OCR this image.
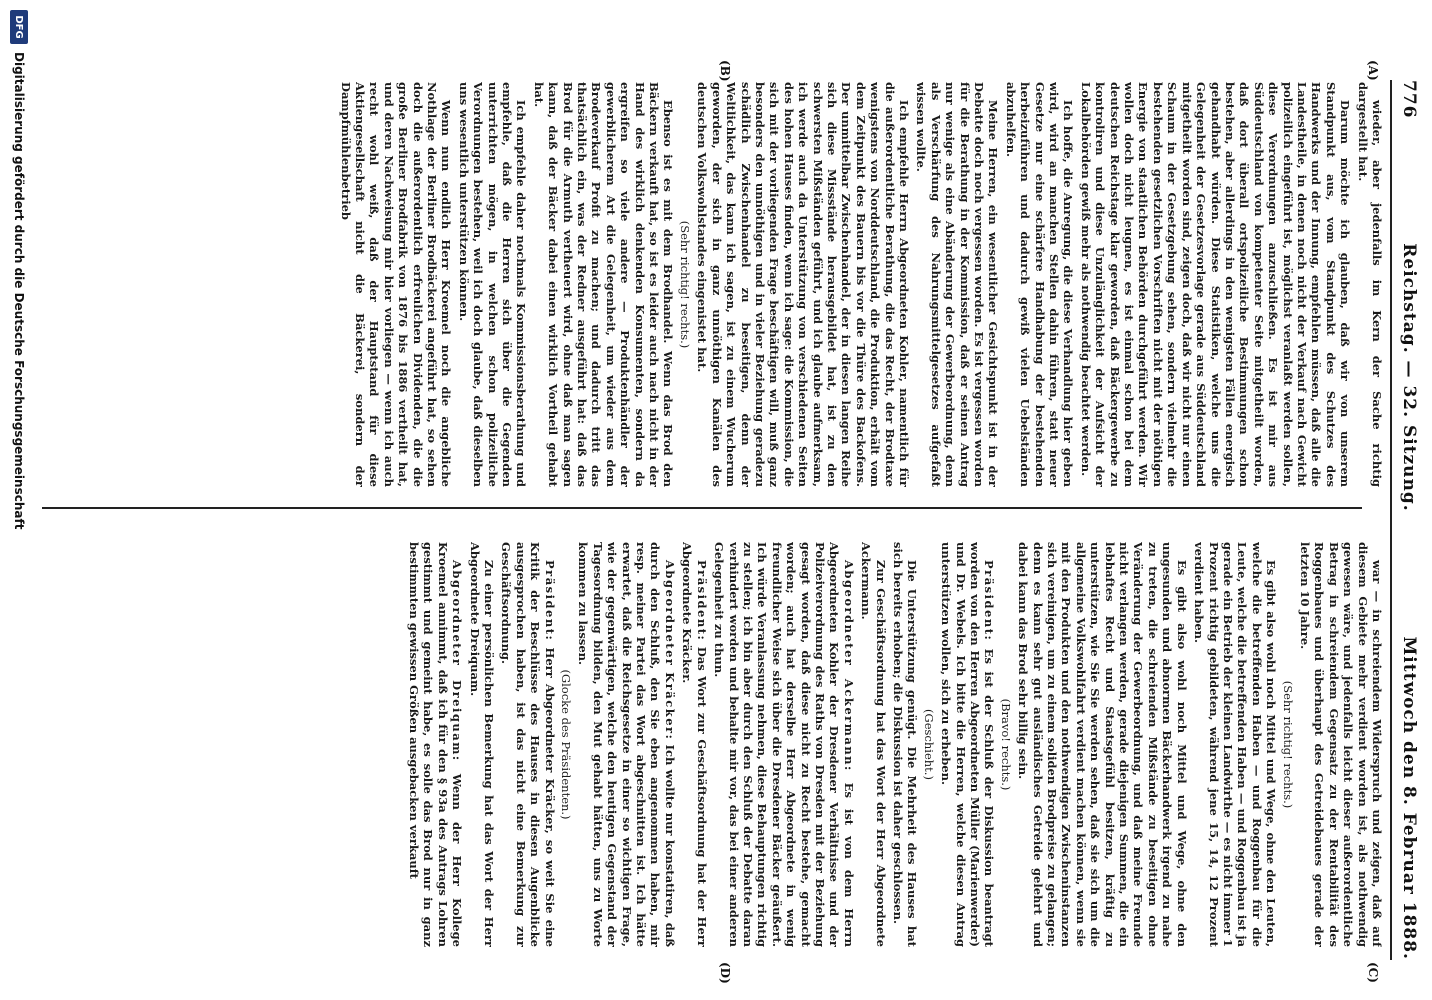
776
Reichstag. — 32. Sitzung.
Mittwoch den 8. Februar 1888.
(A)
(B)
(C)
(D)

wieder, aber jedenfalls im Kern der Sache richtig dargestellt hat.

Darum möchte ich glauben, daß wir von unserem Standpunkt aus, vom Standpunkt des Schutzes des Handwerks und der Innung, empfehlen müssen, daß alle die Landestheile, in denen noch nicht der Verkauf nach Gewicht polizeilich eingeführt ist, möglichst veranlaßt werden sollen, diese Verordnungen anzuschließen. Es ist mir aus Süddeutschland von kompetenter Seite mitgetheilt worden, daß dort überall ortspolizeiliche Bestimmungen schon bestehen, aber allerdings in den wenigsten Fällen energisch gehandhabt würden. Diese Statistiken, welche uns die Gelegenheit der Gesetzesvorlage gerade aus Süddeutschland mitgetheilt worden sind, zeigen doch, daß wir nicht nur einen Schaum in der Gesetzgebung sehen, sondern vielmehr die bestehenden gesetzlichen Vorschriften nicht mit der nöthigen Energie von staatlichen Behörden durchgeführt werden. Wir wollen doch nicht leugnen, es ist einmal schon bei dem deutschen Reichstage klar geworden, daß Bäckergewerbe zu kontroliren und diese Unzulänglichkeit der Aufsicht der Lokalbehörden gewiß mehr als nothwendig beachtet werden.

Ich hoffe, die Anregung, die diese Verhandlung hier geben wird, wird an manchen Stellen dahin führen, statt neuer Gesetze nur eine schärfere Handhabung der bestehenden herbeizuführen und dadurch gewiß vielen Uebelständen abzuhelfen.

Meine Herren, ein wesentlicher Gesichtspunkt ist in der Debatte doch noch vergessen worden. Es ist vergessen worden für die Berathung in der Kommission, daß er seinen Antrag nur wenige als eine Abänderung der Gewerbeordnung, denn als Verschärfung des Nahrungsmittelgesetzes aufgefaßt wissen wollte.

Ich empfehle Herrn Abgeordneten Kohler, namentlich für die außerordentliche Berathung, die das Recht, der Brodtaxe wenigstens von Norddeutschland, die Produktion, erhält vom dem Zeitpunkt des Bauern bis vor die Thüre des Backofens. Der unmittelbar Zwischenhandel, der in diesen langen Reihe sich diese Missstände herausgebildet hat, ist zu den schwersten Mißständen geführt, und ich glaube aufmerksam, ich werde auch da Unterstützung von verschiedenen Seiten des hohen Hauses finden, wenn ich sage: die Kommission, die sich mit der vorliegenden Frage beschäftigen will, muß ganz besonders den unnöthigen und in vieler Beziehung geradezu schädlich Zwischenhandel zu beseitigen, denn der Weltlichkeit, das kann ich sagen, ist zu einem Wucherum geworden, der sich in ganz unnöthigen Kanälen des deutschen Volkswohlstandes eingenistet hat.

(Sehr richtig! rechts.)

Ebenso ist es mit dem Brodhandel. Wenn das Brod den Bäckern verkauft hat, so ist es leider auch nach nicht in der Hand des wirklich denkenden Konsumenten, sondern da ergreifen so viele andere — Produktenhändler der gewerblicherem Art die Gelegenheit, um wieder aus dem Brodeverkauf Profit zu machen; und dadurch tritt das thatsächlich ein, was der Redner ausgeführt hat: daß das Brod für die Armuth vertheuert wird, ohne daß man sagen kann, daß der Bäcker dabei einen wirklich Vortheil gehabt hat.

Ich empfehle daher nochmals Kommissionsberathung und empfehle, daß die Herren sich über die Gegenden unterrichten mögen, in welchen schon polizeiliche Verordnungen bestehen, weil ich doch glaube, daß dieselben uns wesentlich unterstützen können.

Wenn nun endlich Herr Kroemel noch die angebliche Nothlage der Berliner Brodbäckerei angeführt hat, so sehen doch die außerordentlich erfreulichen Dividenden, die die große Berliner Brodfabrik von 1876 bis 1886 vertheilt hat, und deren Nachweisung mir hier vorliegen — wenn ich auch recht wohl weiß, daß der Hauptstand für diese Aktiengesellschaft nicht die Bäckerei, sondern der Dampfmühlenbetrieb

war — in schreiendem Widerspruch und zeigen, daß auf diesem Gebiete mehr verdient worden ist, als nothwendig gewesen wäre, und jedenfalls leicht dieser außerordentliche Betrag in schreiendem Gegensatz zu der Rentabilität des Roggenbaues und überhaupt des Getreidebaues gerade der letzten 10 Jahre.

(Sehr richtig! rechts.)

Es gibt also wohl noch Mittel und Wege, ohne den Leuten, welche die betreffenden Haben — und Roggenbau für die Leute, welche die betreffenden Haben — und Roggenbau ist ja gerade ein Betrieb der kleinen Landwirthe — es nicht immer 1 Prozent richtig gebildeten, während jene 15, 14, 12 Prozent verdient haben.

Es gibt also wohl noch Mittel und Wege, ohne den ungesunden und abnormen Bäckerhandwerk irgend zu nahe zu treten, die schreienden Mißstände zu beseitigen ohne Veränderung der Gewerbeordnung, und daß meine Freunde nicht verlangen werden, gerade diejenigen Summen, die ein lebhaftes Recht und Staatsgefühl besitzen, kräftig zu unterstützen, wie Sie Sie werden sehen, daß sie sich um die allgemeine Volkswohlfahrt verdient machen können, wenn sie mit den Produkten und den nothwendigen Zwischeninstanzen sich vereinigen, um zu einem soliden Brodpreise zu gelangen; denn es kann sehr gut ausländisches Getreide gelehrt und dabei kann das Brod sehr billig sein.

(Bravo! rechts.)

Präsident: Es ist der Schluß der Diskussion beantragt worden von den Herren Abgeordneten Müller (Marienwerder) und Dr. Webels. Ich bitte die Herren, welche diesen Antrag unterstützen wollen, sich zu erheben.

(Geschieht.)

Die Unterstützung genügt. Die Mehrheit des Hauses hat sich bereits erhoben; die Diskussion ist daher geschlossen.

Zur Geschäftsordnung hat das Wort der Herr Abgeordnete Ackermann.

Abgeordneter Ackermann: Es ist von dem Herrn Abgeordneten Kohler der Dresdener Verhältnisse und der Polizeiverordnung des Raths von Dresden mit der Beziehung gesagt worden, daß diese nicht zu Recht bestehe, gemacht worden; auch hat derselbe Herr Abgeordnete in wenig freundlicher Weise sich über die Dresdener Bäcker geäußert. Ich würde Veranlassung nehmen, diese Behauptungen richtig zu stellen; ich bin aber durch den Schluß der Debatte daran verhindert worden und behalte mir vor, das bei einer anderen Gelegenheit zu thun.

Präsident: Das Wort zur Geschäftsordnung hat der Herr Abgeordnete Kräcker.

Abgeordneter Kräcker: Ich wollte nur konstatiren, daß durch den Schluß, den Sie eben angenommen haben, mir resp. meiner Partei das Wort abgeschnitten ist. Ich hätte erwartet, daß die Reichsgesetze in einer so wichtigen Frage, wie der gegenwärtigen, welche den heutigen Gegenstand der Tagesordnung bilden, den Mut gehabt hätten, uns zu Worte kommen zu lassen.

(Glocke des Präsidenten.)

Präsident: Herr Abgeordneter Kräcker, so weit Sie eine Kritik der Beschlüsse des Hauses in diesen Augenblicke ausgesprochen haben, ist das nicht eine Bemerkung zur Geschäftsordnung.

Zu einer persönlichen Bemerkung hat das Wort der Herr Abgeordnete Dreiquam.

Abgeordneter Dreiquam: Wenn der Herr Kollege Kroemel annimmt, daß ich für den § 93a des Antrags Lohren gestimmt und gemeint habe, es solle das Brod nur in ganz bestimmten gewissen Größen ausgebacken verkauft

DFG
Digitalisierung gefördert durch die Deutsche Forschungsgemeinschaft
